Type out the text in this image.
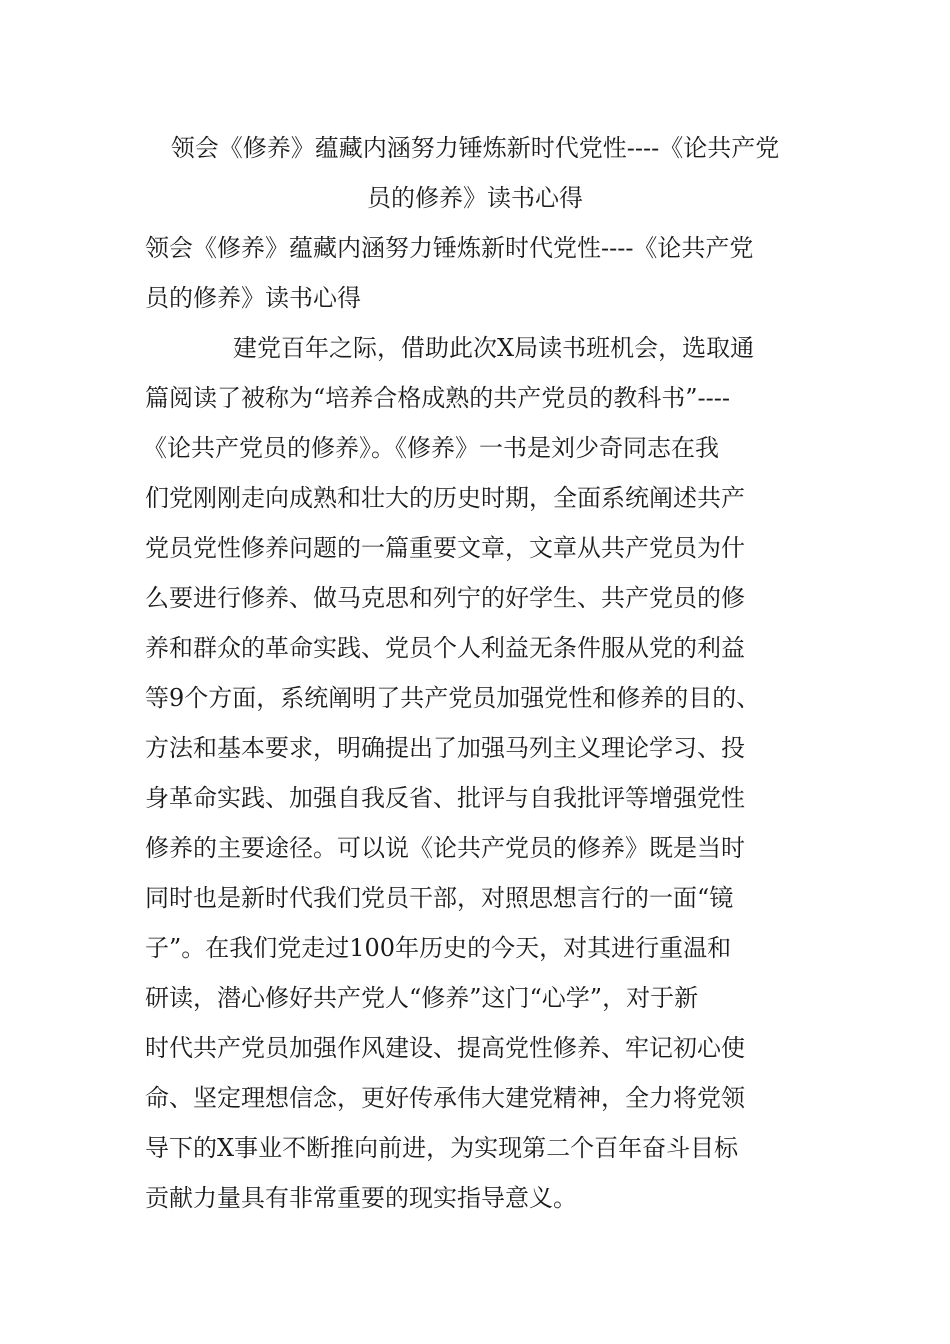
领会《修养》蕴藏内涵努力锤炼新时代党性----《论共产党
员的修养》读书心得
领会《修养》蕴藏内涵努力锤炼新时代党性----《论共产党
员的修养》读书心得
建党百年之际，借助此次X局读书班机会，选取通
篇阅读了被称为“培养合格成熟的共产党员的教科书”----
《论共产党员的修养》。《修养》一书是刘少奇同志在我
们党刚刚走向成熟和壮大的历史时期，全面系统阐述共产
党员党性修养问题的一篇重要文章，文章从共产党员为什
么要进行修养、做马克思和列宁的好学生、共产党员的修
养和群众的革命实践、党员个人利益无条件服从党的利益
等9个方面，系统阐明了共产党员加强党性和修养的目的、
方法和基本要求，明确提出了加强马列主义理论学习、投
身革命实践、加强自我反省、批评与自我批评等增强党性
修养的主要途径。可以说《论共产党员的修养》既是当时
同时也是新时代我们党员干部，对照思想言行的一面“镜
子”。在我们党走过100年历史的今天，对其进行重温和
研读，潜心修好共产党人“修养”这门“心学”，对于新
时代共产党员加强作风建设、提高党性修养、牢记初心使
命、坚定理想信念，更好传承伟大建党精神，全力将党领
导下的X事业不断推向前进，为实现第二个百年奋斗目标
贡献力量具有非常重要的现实指导意义。
